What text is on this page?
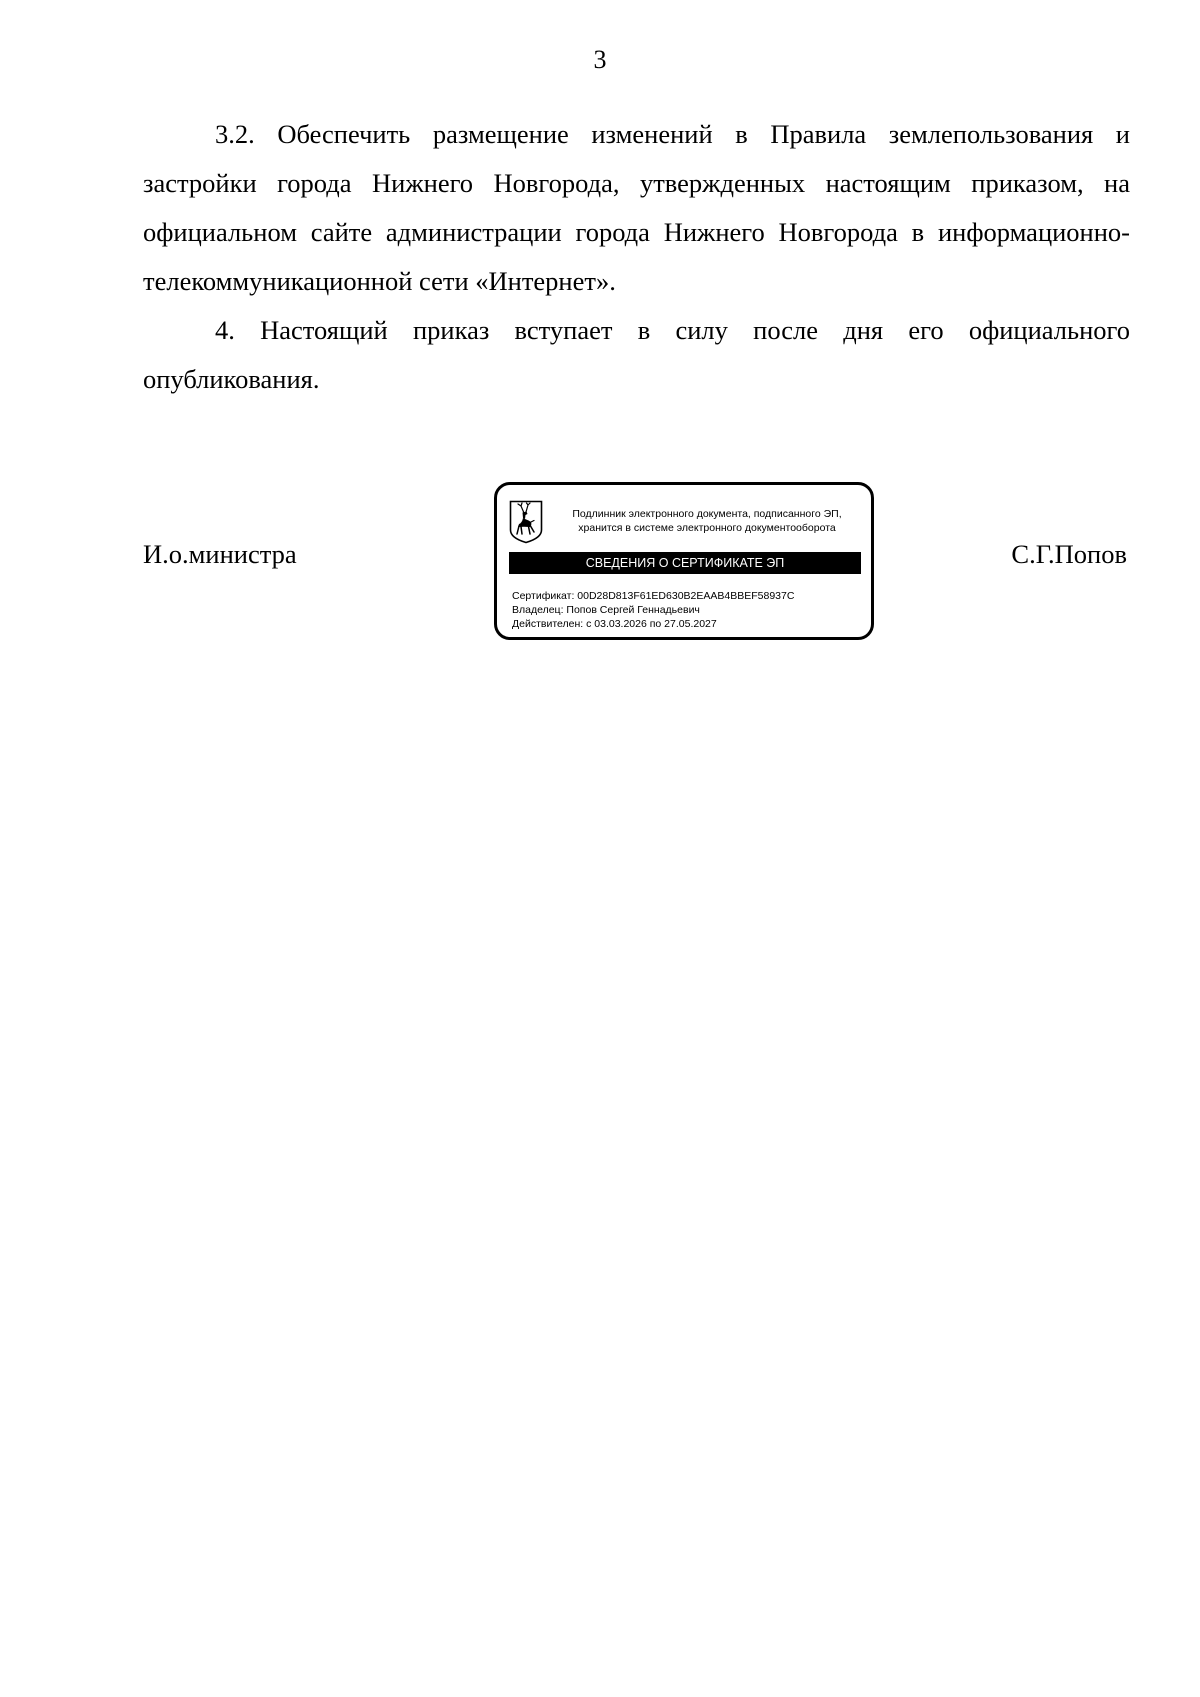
3

3.2. Обеспечить размещение изменений в Правила землепользования и застройки города Нижнего Новгорода, утвержденных настоящим приказом, на официальном сайте администрации города Нижнего Новгорода в информационно-телекоммуникационной сети «Интернет».

4. Настоящий приказ вступает в силу после дня его официального опубликования.

И.о.министра	С.Г.Попов
Подлинник электронного документа, подписанного ЭП,
хранится в системе электронного документооборота
СВЕДЕНИЯ О СЕРТИФИКАТЕ ЭП
Сертификат: 00D28D813F61ED630B2EAAB4BBEF58937C
Владелец: Попов Сергей Геннадьевич
Действителен: с 03.03.2026 по 27.05.2027
